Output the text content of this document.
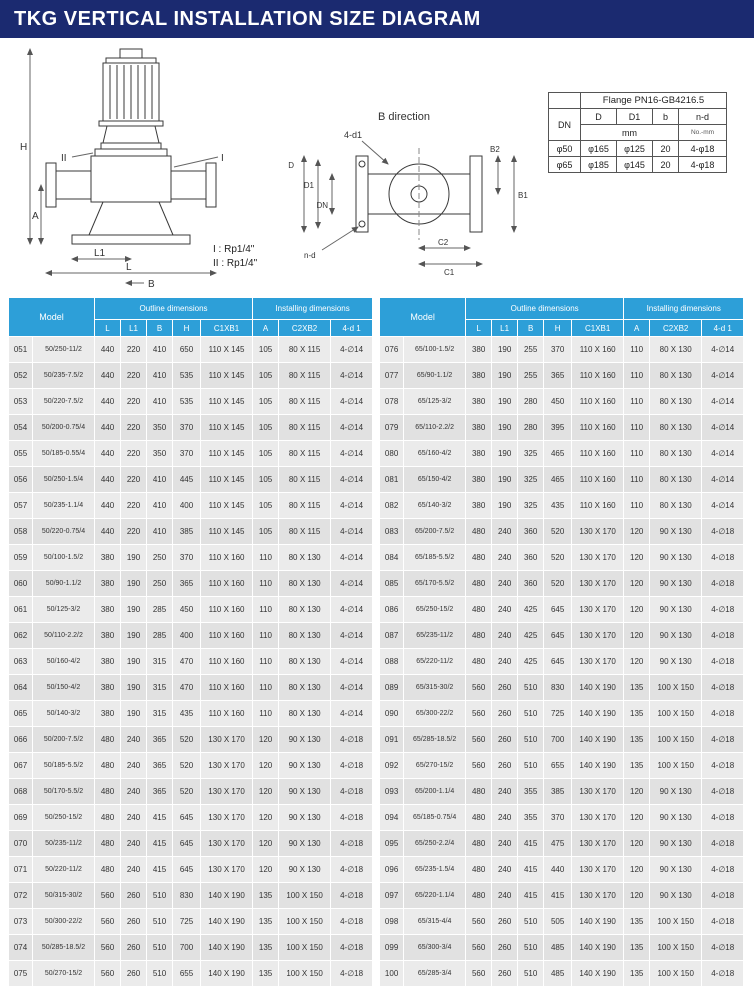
TKG VERTICAL INSTALLATION SIZE DIAGRAM
H
A
L1
L
B
II	I
B direction
4-d1
D
D1
DN
n-d
C2
C1
B2
B1
I : Rp1/4"
II : Rp1/4"
	Flange PN16-GB4216.5			
DN	D	D1	b	n-d
	mm			No.-mm
φ50	φ165	φ125	20	4-φ18
φ65	φ185	φ145	20	4-φ18
Model		Outline dimensions					Installing dimensions		
		L	L1	B	H	C1XB1	A	C2XB2	4-d 1
051	50/250-11/2	440	220	410	650	110 X 145	105	80 X 115	4-∅14
052	50/235-7.5/2	440	220	410	535	110 X 145	105	80 X 115	4-∅14
053	50/220-7.5/2	440	220	410	535	110 X 145	105	80 X 115	4-∅14
054	50/200-0.75/4	440	220	350	370	110 X 145	105	80 X 115	4-∅14
055	50/185-0.55/4	440	220	350	370	110 X 145	105	80 X 115	4-∅14
056	50/250-1.5/4	440	220	410	445	110 X 145	105	80 X 115	4-∅14
057	50/235-1.1/4	440	220	410	400	110 X 145	105	80 X 115	4-∅14
058	50/220-0.75/4	440	220	410	385	110 X 145	105	80 X 115	4-∅14
059	50/100-1.5/2	380	190	250	370	110 X 160	110	80 X 130	4-∅14
060	50/90-1.1/2	380	190	250	365	110 X 160	110	80 X 130	4-∅14
061	50/125-3/2	380	190	285	450	110 X 160	110	80 X 130	4-∅14
062	50/110-2.2/2	380	190	285	400	110 X 160	110	80 X 130	4-∅14
063	50/160-4/2	380	190	315	470	110 X 160	110	80 X 130	4-∅14
064	50/150-4/2	380	190	315	470	110 X 160	110	80 X 130	4-∅14
065	50/140-3/2	380	190	315	435	110 X 160	110	80 X 130	4-∅14
066	50/200-7.5/2	480	240	365	520	130 X 170	120	90 X 130	4-∅18
067	50/185-5.5/2	480	240	365	520	130 X 170	120	90 X 130	4-∅18
068	50/170-5.5/2	480	240	365	520	130 X 170	120	90 X 130	4-∅18
069	50/250-15/2	480	240	415	645	130 X 170	120	90 X 130	4-∅18
070	50/235-11/2	480	240	415	645	130 X 170	120	90 X 130	4-∅18
071	50/220-11/2	480	240	415	645	130 X 170	120	90 X 130	4-∅18
072	50/315-30/2	560	260	510	830	140 X 190	135	100 X 150	4-∅18
073	50/300-22/2	560	260	510	725	140 X 190	135	100 X 150	4-∅18
074	50/285-18.5/2	560	260	510	700	140 X 190	135	100 X 150	4-∅18
075	50/270-15/2	560	260	510	655	140 X 190	135	100 X 150	4-∅18
Model		Outline dimensions					Installing dimensions		
		L	L1	B	H	C1XB1	A	C2XB2	4-d 1
076	65/100-1.5/2	380	190	255	370	110 X 160	110	80 X 130	4-∅14
077	65/90-1.1/2	380	190	255	365	110 X 160	110	80 X 130	4-∅14
078	65/125-3/2	380	190	280	450	110 X 160	110	80 X 130	4-∅14
079	65/110-2.2/2	380	190	280	395	110 X 160	110	80 X 130	4-∅14
080	65/160-4/2	380	190	325	465	110 X 160	110	80 X 130	4-∅14
081	65/150-4/2	380	190	325	465	110 X 160	110	80 X 130	4-∅14
082	65/140-3/2	380	190	325	435	110 X 160	110	80 X 130	4-∅14
083	65/200-7.5/2	480	240	360	520	130 X 170	120	90 X 130	4-∅18
084	65/185-5.5/2	480	240	360	520	130 X 170	120	90 X 130	4-∅18
085	65/170-5.5/2	480	240	360	520	130 X 170	120	90 X 130	4-∅18
086	65/250-15/2	480	240	425	645	130 X 170	120	90 X 130	4-∅18
087	65/235-11/2	480	240	425	645	130 X 170	120	90 X 130	4-∅18
088	65/220-11/2	480	240	425	645	130 X 170	120	90 X 130	4-∅18
089	65/315-30/2	560	260	510	830	140 X 190	135	100 X 150	4-∅18
090	65/300-22/2	560	260	510	725	140 X 190	135	100 X 150	4-∅18
091	65/285-18.5/2	560	260	510	700	140 X 190	135	100 X 150	4-∅18
092	65/270-15/2	560	260	510	655	140 X 190	135	100 X 150	4-∅18
093	65/200-1.1/4	480	240	355	385	130 X 170	120	90 X 130	4-∅18
094	65/185-0.75/4	480	240	355	370	130 X 170	120	90 X 130	4-∅18
095	65/250-2.2/4	480	240	415	475	130 X 170	120	90 X 130	4-∅18
096	65/235-1.5/4	480	240	415	440	130 X 170	120	90 X 130	4-∅18
097	65/220-1.1/4	480	240	415	415	130 X 170	120	90 X 130	4-∅18
098	65/315-4/4	560	260	510	505	140 X 190	135	100 X 150	4-∅18
099	65/300-3/4	560	260	510	485	140 X 190	135	100 X 150	4-∅18
100	65/285-3/4	560	260	510	485	140 X 190	135	100 X 150	4-∅18
